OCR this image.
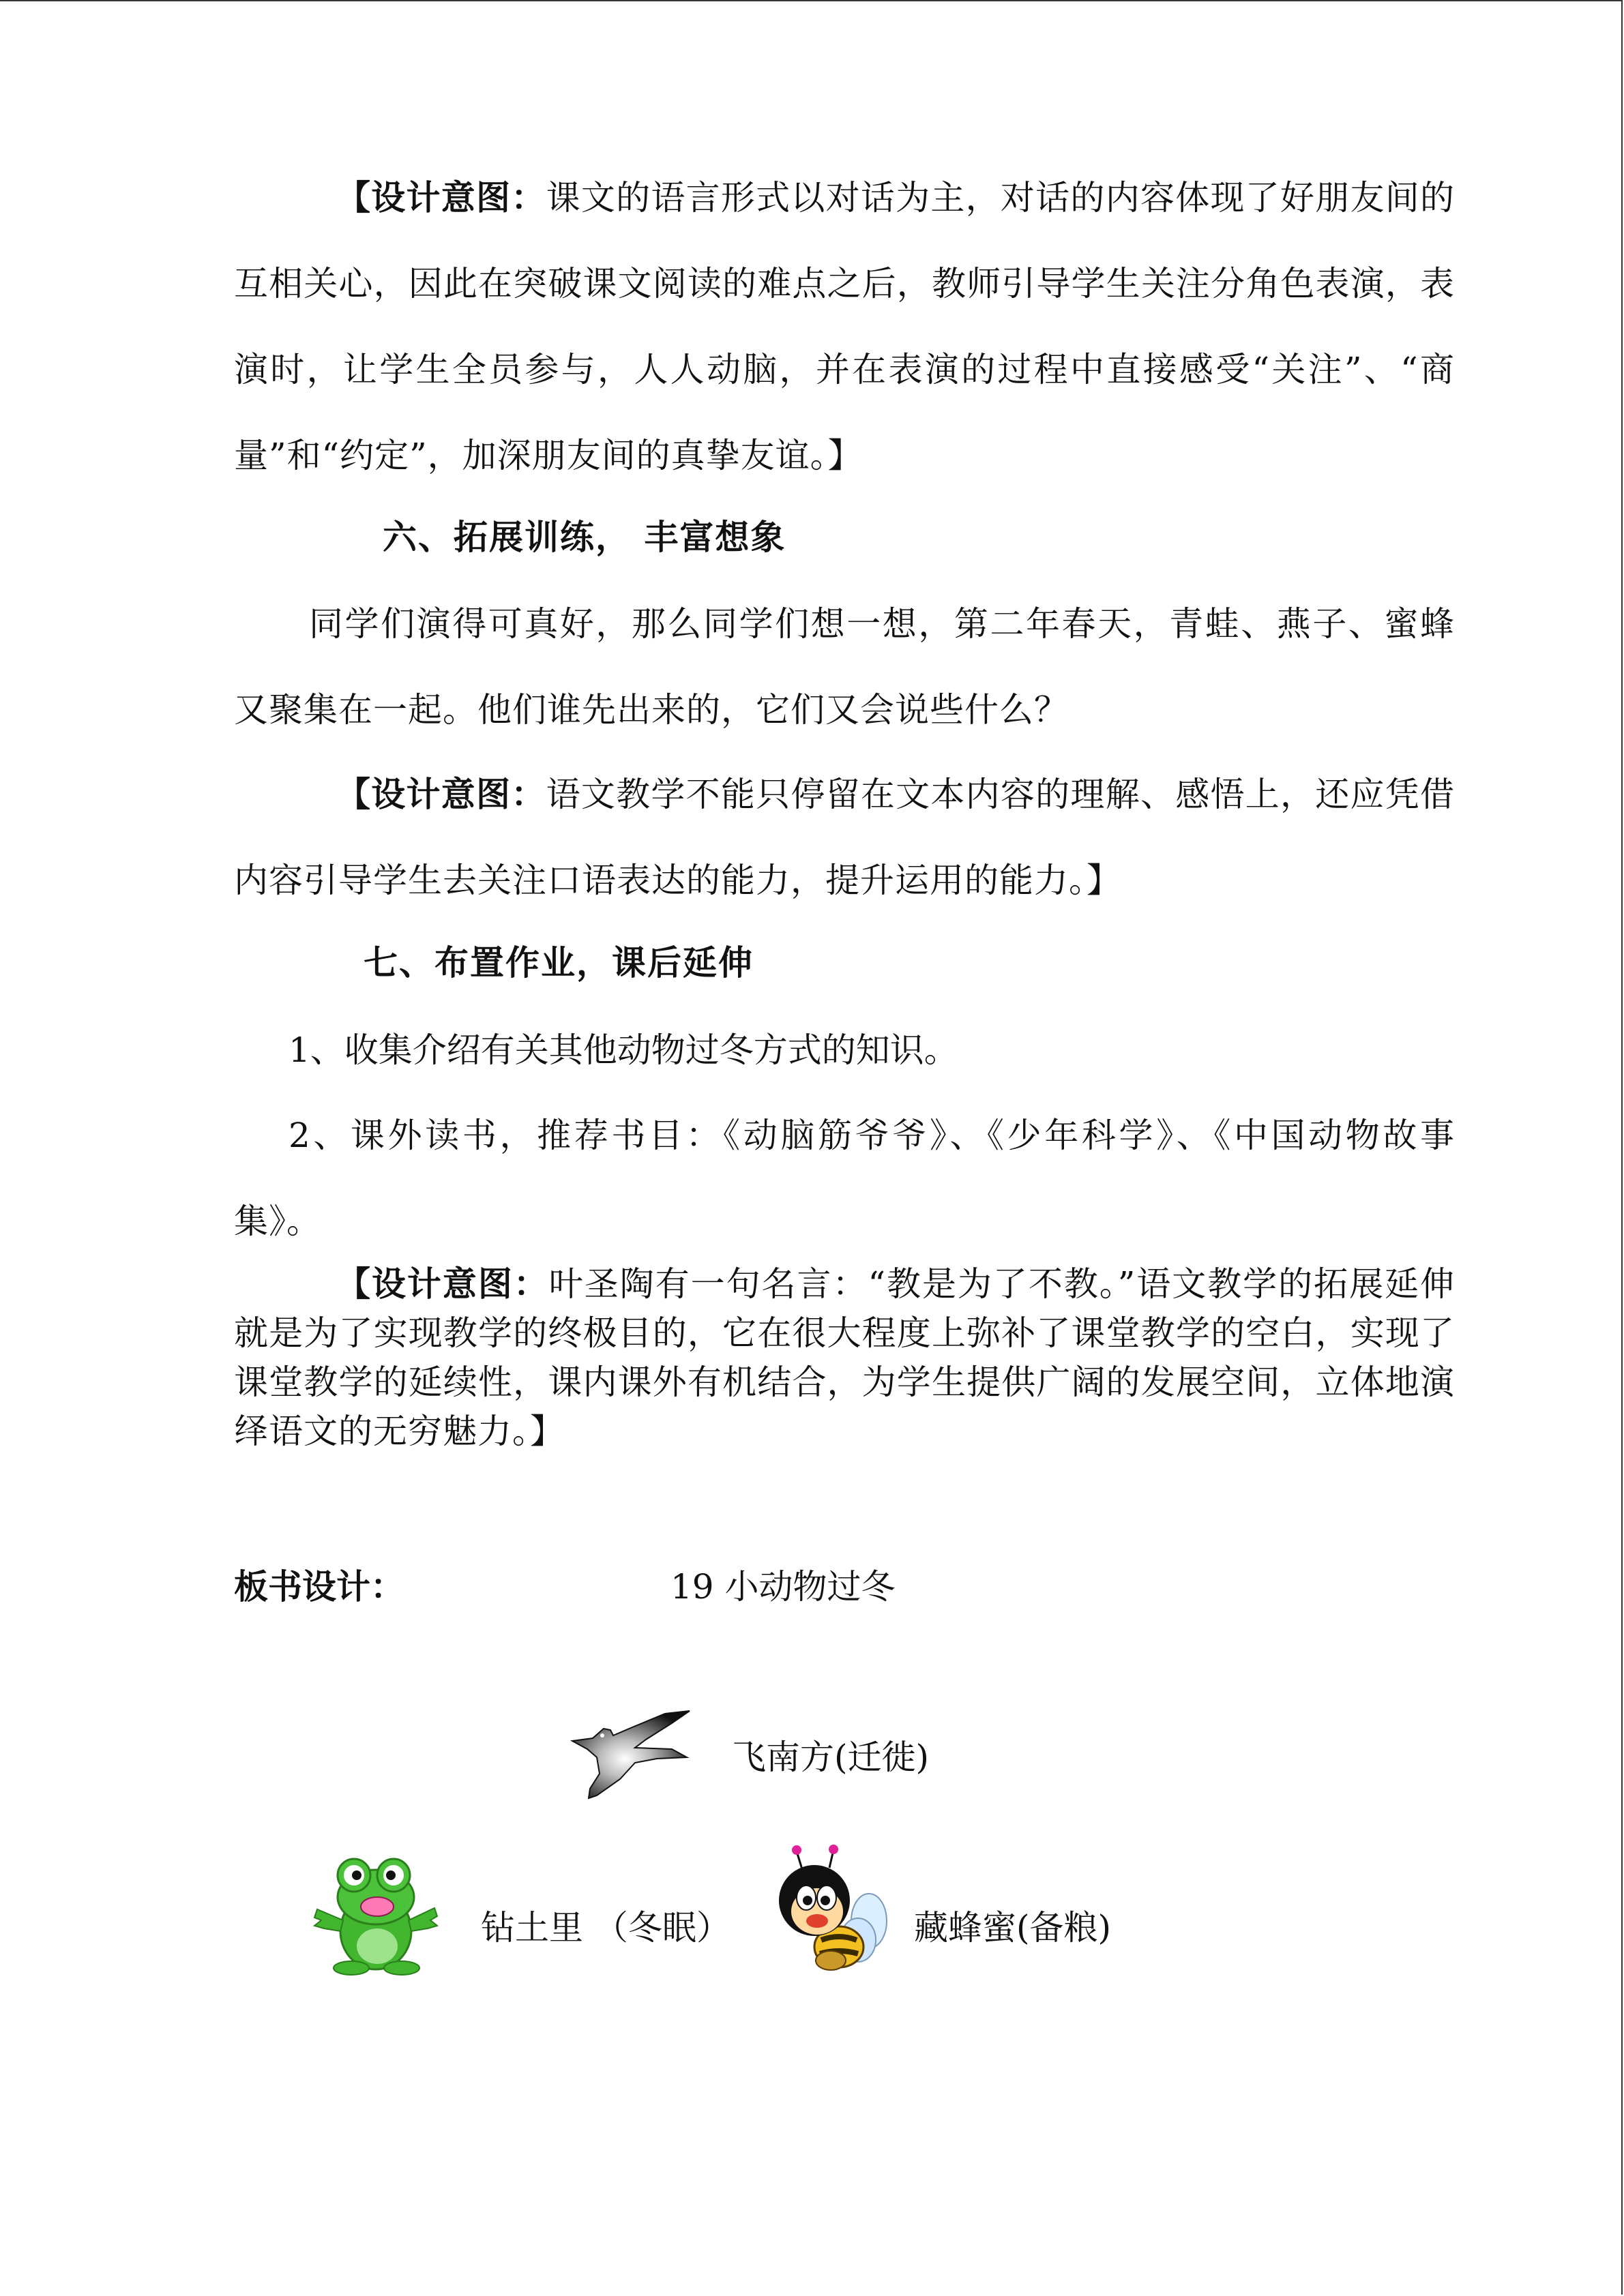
【设计意图：课文的语言形式以对话为主，对话的内容体现了好朋友间的互相关心，因此在突破课文阅读的难点之后，教师引导学生关注分角色表演，表演时，让学生全员参与，人人动脑，并在表演的过程中直接感受“关注”、“商量”和“约定”，加深朋友间的真挚友谊。】

六、拓展训练， 丰富想象

同学们演得可真好，那么同学们想一想，第二年春天，青蛙、燕子、蜜蜂又聚集在一起。他们谁先出来的，它们又会说些什么？

【设计意图：语文教学不能只停留在文本内容的理解、感悟上，还应凭借内容引导学生去关注口语表达的能力，提升运用的能力。】

七、布置作业，课后延伸

1、收集介绍有关其他动物过冬方式的知识。

2、课外读书，推荐书目：《动脑筋爷爷》、《少年科学》、《中国动物故事集》。

【设计意图：叶圣陶有一句名言：“教是为了不教。”语文教学的拓展延伸就是为了实现教学的终极目的，它在很大程度上弥补了课堂教学的空白，实现了课堂教学的延续性，课内课外有机结合，为学生提供广阔的发展空间，立体地演绎语文的无穷魅力。】

板书设计：	19 小动物过冬

飞南方(迁徙)

钻土里 （冬眠）	藏蜂蜜(备粮)
